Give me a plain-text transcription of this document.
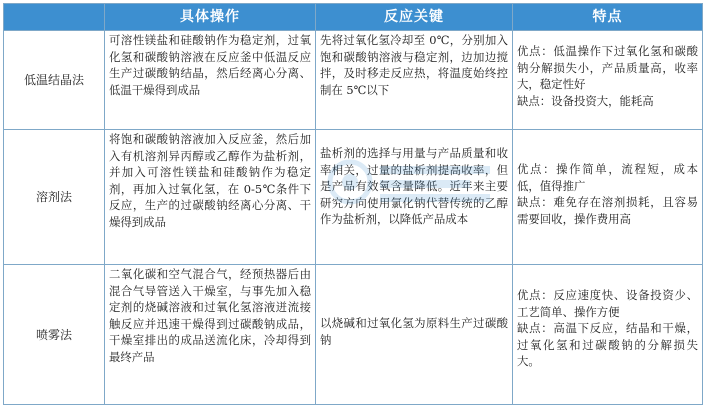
具体操作	反应关键	特点
低温结晶法
可溶性镁盐和硅酸钠作为稳定剂，过氧化氢和碳酸钠溶液在反应釜中低温反应生产过碳酸钠结晶，然后经离心分离、低温干燥得到成品
先将过氧化氢冷却至 0℃，分别加入饱和碳酸钠溶液与稳定剂，边加边搅拌，及时移走反应热，将温度始终控制在 5℃以下

优点：低温操作下过氧化氢和碳酸钠分解损失小，产品质量高，收率大，稳定性好

缺点：设备投资大，能耗高

溶剂法
将饱和碳酸钠溶液加入反应釜，然后加入有机溶剂异丙醇或乙醇作为盐析剂，并加入可溶性镁盐和硅酸钠作为稳定剂，再加入过氧化氢，在 0-5℃条件下反应，生产的过碳酸钠经离心分离、干燥得到成品
盐析剂的选择与用量与产品质量和收率相关，过量的盐析剂提高收率，但是产品有效氧含量降低。近年来主要研究方向使用氯化钠代替传统的乙醇作为盐析剂，以降低产品成本

优点：操作简单，流程短，成本低，值得推广

缺点：难免存在溶剂损耗，且容易需要回收，操作费用高

喷雾法
二氧化碳和空气混合气，经预热器后由混合气导管送入干燥室，与事先加入稳定剂的烧碱溶液和过氧化氢溶液迸流接触反应并迅速干燥得到过碳酸钠成品，干燥室排出的成品送流化床，冷却得到最终产品
以烧碱和过氧化氢为原料生产过碳酸钠

优点：反应速度快、设备投资少、工艺简单、操作方便

缺点：高温下反应，结晶和干燥，过氧化氢和过碳酸钠的分解损失大。
